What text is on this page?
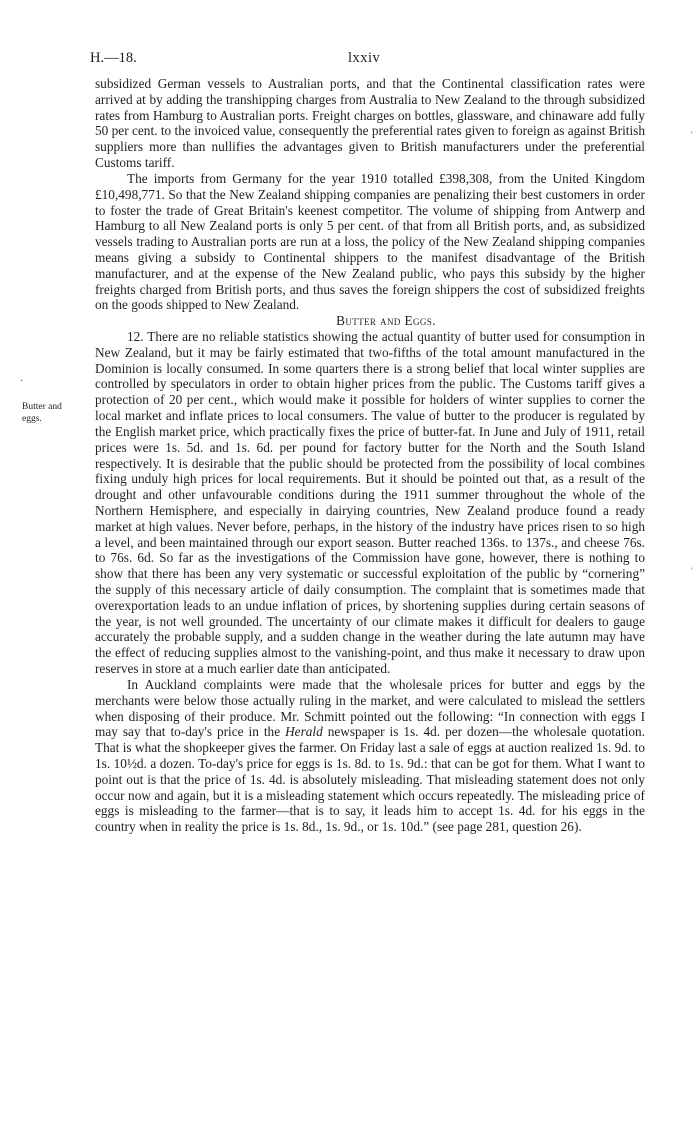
H.—18.	lxxiv
Butter and eggs.
˒
˒
·

subsidized German vessels to Australian ports, and that the Continental classification rates were arrived at by adding the transhipping charges from Australia to New Zealand to the through subsidized rates from Hamburg to Australian ports. Freight charges on bottles, glassware, and chinaware add fully 50 per cent. to the invoiced value, consequently the preferential rates given to foreign as against British suppliers more than nullifies the advantages given to British manufacturers under the preferential Customs tariff.

The imports from Germany for the year 1910 totalled £398,308, from the United Kingdom £10,498,771. So that the New Zealand shipping companies are penalizing their best customers in order to foster the trade of Great Britain's keenest competitor. The volume of shipping from Antwerp and Hamburg to all New Zealand ports is only 5 per cent. of that from all British ports, and, as subsidized vessels trading to Australian ports are run at a loss, the policy of the New Zealand shipping companies means giving a subsidy to Continental shippers to the manifest disadvantage of the British manufacturer, and at the expense of the New Zealand public, who pays this subsidy by the higher freights charged from British ports, and thus saves the foreign shippers the cost of subsidized freights on the goods shipped to New Zealand.

Butter and Eggs.

12. There are no reliable statistics showing the actual quantity of butter used for consumption in New Zealand, but it may be fairly estimated that two-fifths of the total amount manufactured in the Dominion is locally consumed. In some quarters there is a strong belief that local winter supplies are controlled by speculators in order to obtain higher prices from the public. The Customs tariff gives a protection of 20 per cent., which would make it possible for holders of winter supplies to corner the local market and inflate prices to local consumers. The value of butter to the producer is regulated by the English market price, which practically fixes the price of butter-fat. In June and July of 1911, retail prices were 1s. 5d. and 1s. 6d. per pound for factory butter for the North and the South Island respectively. It is desirable that the public should be protected from the possibility of local combines fixing unduly high prices for local requirements. But it should be pointed out that, as a result of the drought and other unfavourable conditions during the 1911 summer throughout the whole of the Northern Hemisphere, and especially in dairying countries, New Zealand produce found a ready market at high values. Never before, perhaps, in the history of the industry have prices risen to so high a level, and been maintained through our export season. Butter reached 136s. to 137s., and cheese 76s. to 76s. 6d. So far as the investigations of the Commission have gone, however, there is nothing to show that there has been any very systematic or successful exploitation of the public by “cornering” the supply of this necessary article of daily consumption. The complaint that is sometimes made that overexportation leads to an undue inflation of prices, by shortening supplies during certain seasons of the year, is not well grounded. The uncertainty of our climate makes it difficult for dealers to gauge accurately the probable supply, and a sudden change in the weather during the late autumn may have the effect of reducing supplies almost to the vanishing-point, and thus make it necessary to draw upon reserves in store at a much earlier date than anticipated.

In Auckland complaints were made that the wholesale prices for butter and eggs by the merchants were below those actually ruling in the market, and were calculated to mislead the settlers when disposing of their produce. Mr. Schmitt pointed out the following: “In connection with eggs I may say that to-day's price in the Herald newspaper is 1s. 4d. per dozen—the wholesale quotation. That is what the shopkeeper gives the farmer. On Friday last a sale of eggs at auction realized 1s. 9d. to 1s. 10½d. a dozen. To-day's price for eggs is 1s. 8d. to 1s. 9d.: that can be got for them. What I want to point out is that the price of 1s. 4d. is absolutely misleading. That misleading statement does not only occur now and again, but it is a misleading statement which occurs repeatedly. The misleading price of eggs is misleading to the farmer—that is to say, it leads him to accept 1s. 4d. for his eggs in the country when in reality the price is 1s. 8d., 1s. 9d., or 1s. 10d.” (see page 281, question 26).
